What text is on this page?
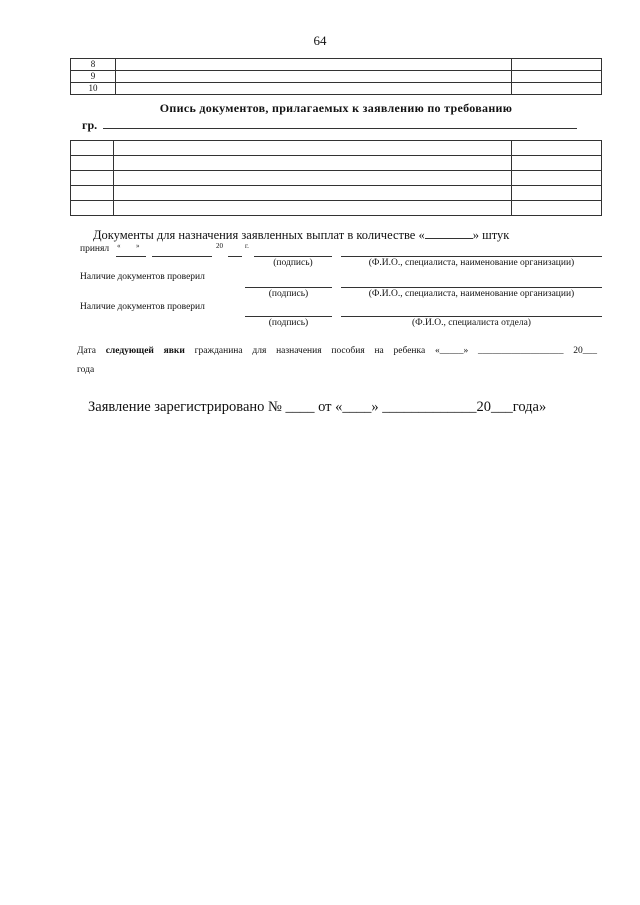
64
8		
9		
10		
Опись документов, прилагаемых к заявлению по требованию
гр.

Документы для назначения заявленных выплат в количестве «	» штук
принял « »	20	г.
(подпись)	(Ф.И.О., специалиста, наименование организации)
Наличие документов проверил
(подпись)	(Ф.И.О., специалиста, наименование организации)
Наличие документов проверил
(подпись)	(Ф.И.О., специалиста отдела)
Дата следующей явки гражданина для назначения пособия на ребенка «_____» __________________ 20___
года
Заявление зарегистрировано № ____ от «____» _____________20___года»
